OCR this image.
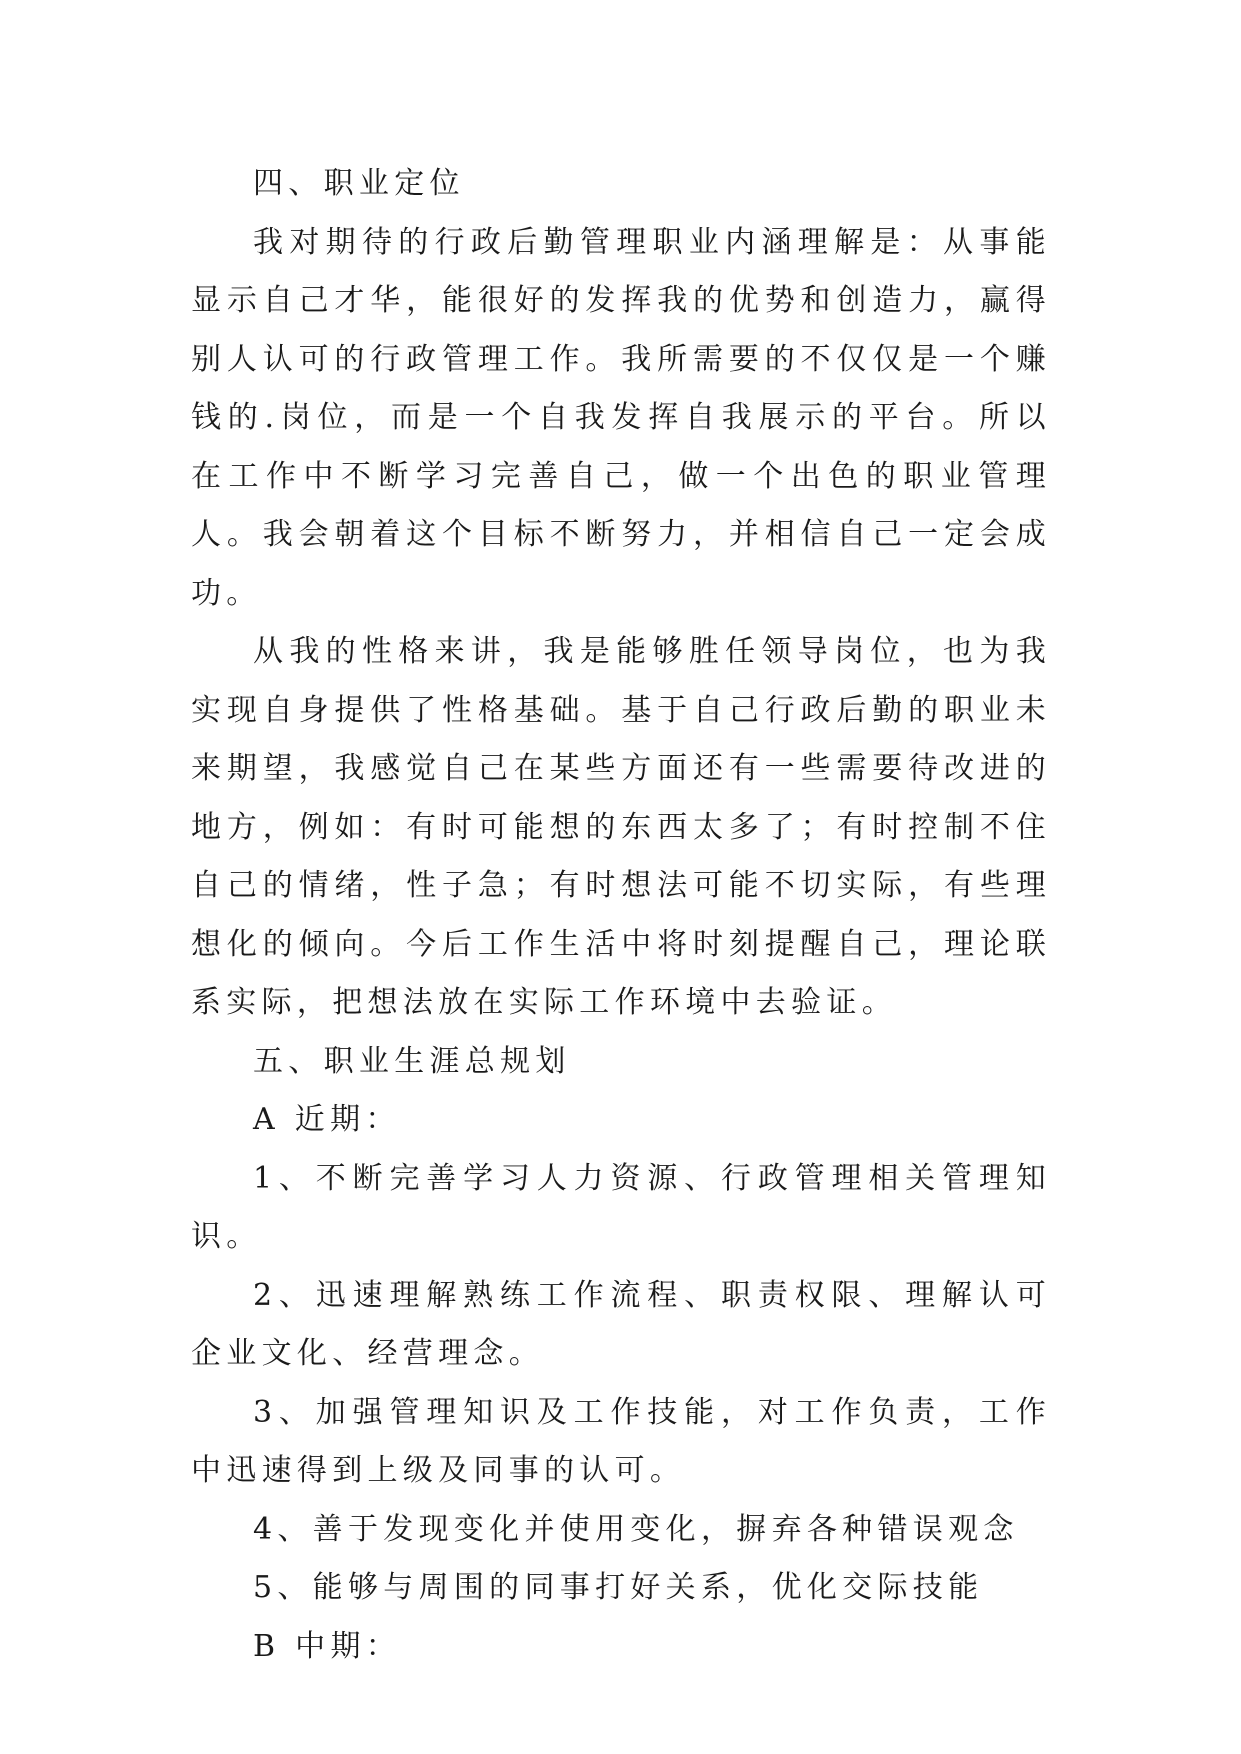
四、职业定位

我对期待的行政后勤管理职业内涵理解是：从事能显示自己才华，能很好的发挥我的优势和创造力，赢得别人认可的行政管理工作。我所需要的不仅仅是一个赚钱的.岗位，而是一个自我发挥自我展示的平台。所以在工作中不断学习完善自己，做一个出色的职业管理人。我会朝着这个目标不断努力，并相信自己一定会成功。

从我的性格来讲，我是能够胜任领导岗位，也为我实现自身提供了性格基础。基于自己行政后勤的职业未来期望，我感觉自己在某些方面还有一些需要待改进的地方，例如：有时可能想的东西太多了；有时控制不住自己的情绪，性子急；有时想法可能不切实际，有些理想化的倾向。今后工作生活中将时刻提醒自己，理论联系实际，把想法放在实际工作环境中去验证。

五、职业生涯总规划

A 近期：

1、不断完善学习人力资源、行政管理相关管理知识。

2、迅速理解熟练工作流程、职责权限、理解认可企业文化、经营理念。

3、加强管理知识及工作技能，对工作负责，工作中迅速得到上级及同事的认可。

4、善于发现变化并使用变化，摒弃各种错误观念

5、能够与周围的同事打好关系，优化交际技能

B 中期：
